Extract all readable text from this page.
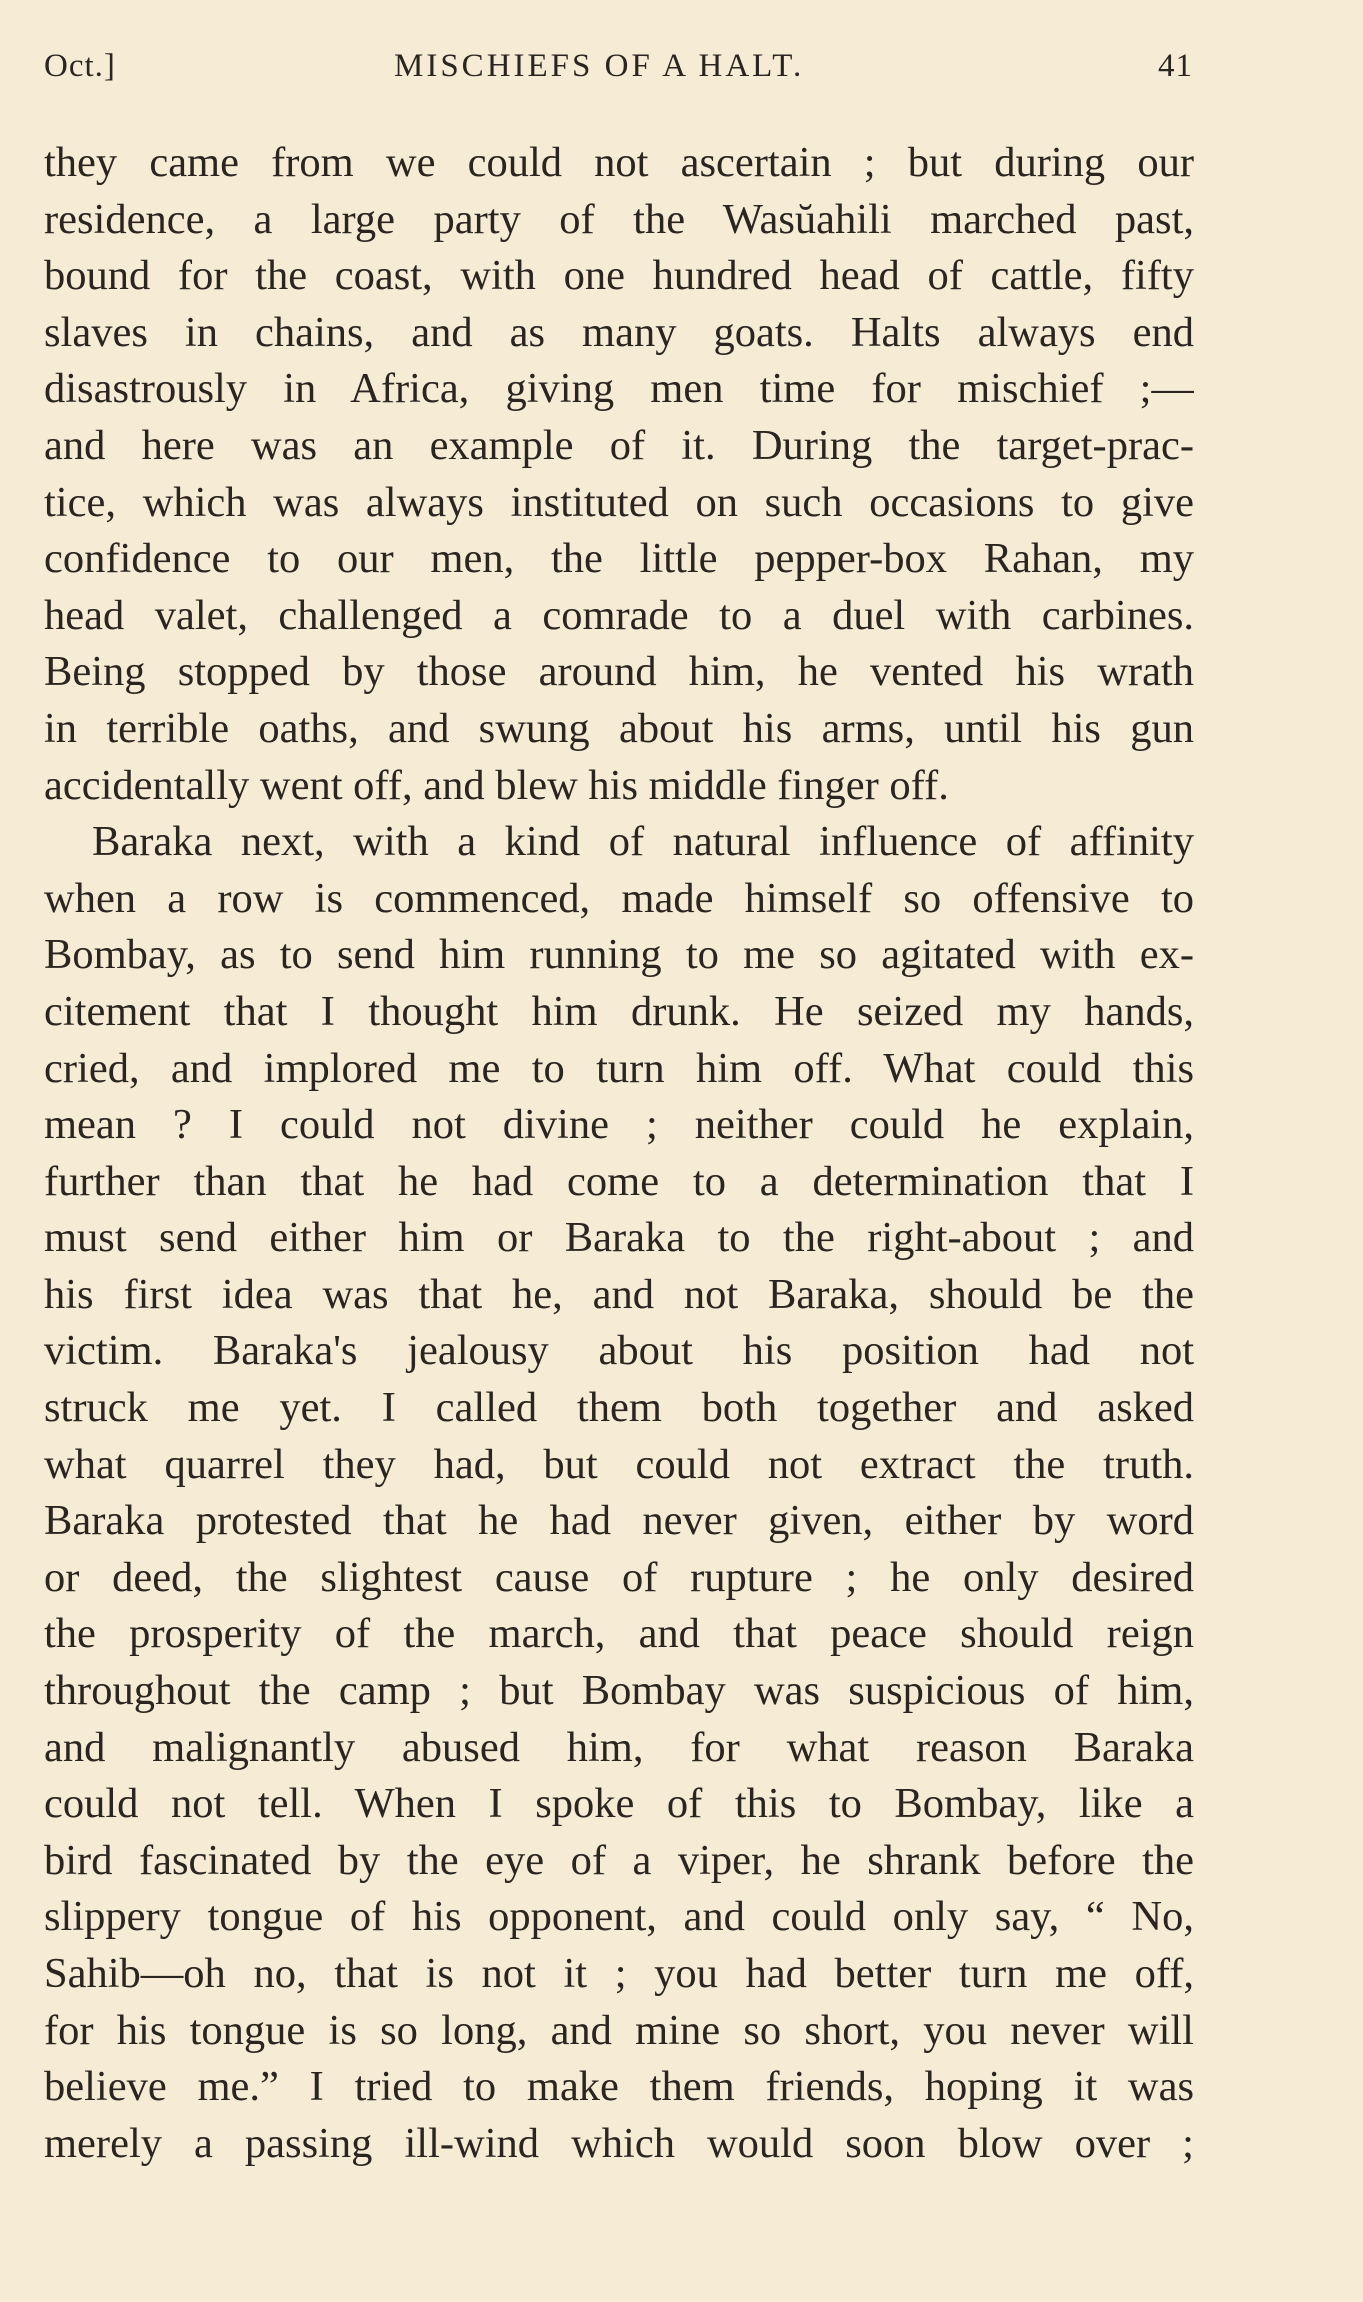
Oct.]	MISCHIEFS OF A HALT.	41
they came from we could not ascertain ; but during our
residence, a large party of the Wasŭahili marched past,
bound for the coast, with one hundred head of cattle, fifty
slaves in chains, and as many goats. Halts always end
disastrously in Africa, giving men time for mischief ;—
and here was an example of it. During the target-prac-
tice, which was always instituted on such occasions to give
confidence to our men, the little pepper-box Rahan, my
head valet, challenged a comrade to a duel with carbines.
Being stopped by those around him, he vented his wrath
in terrible oaths, and swung about his arms, until his gun
accidentally went off, and blew his middle finger off.
Baraka next, with a kind of natural influence of affinity
when a row is commenced, made himself so offensive to
Bombay, as to send him running to me so agitated with ex-
citement that I thought him drunk. He seized my hands,
cried, and implored me to turn him off. What could this
mean ? I could not divine ; neither could he explain,
further than that he had come to a determination that I
must send either him or Baraka to the right-about ; and
his first idea was that he, and not Baraka, should be the
victim. Baraka's jealousy about his position had not
struck me yet. I called them both together and asked
what quarrel they had, but could not extract the truth.
Baraka protested that he had never given, either by word
or deed, the slightest cause of rupture ; he only desired
the prosperity of the march, and that peace should reign
throughout the camp ; but Bombay was suspicious of him,
and malignantly abused him, for what reason Baraka
could not tell. When I spoke of this to Bombay, like a
bird fascinated by the eye of a viper, he shrank before the
slippery tongue of his opponent, and could only say, “ No,
Sahib—oh no, that is not it ; you had better turn me off,
for his tongue is so long, and mine so short, you never will
believe me.” I tried to make them friends, hoping it was
merely a passing ill-wind which would soon blow over ;
